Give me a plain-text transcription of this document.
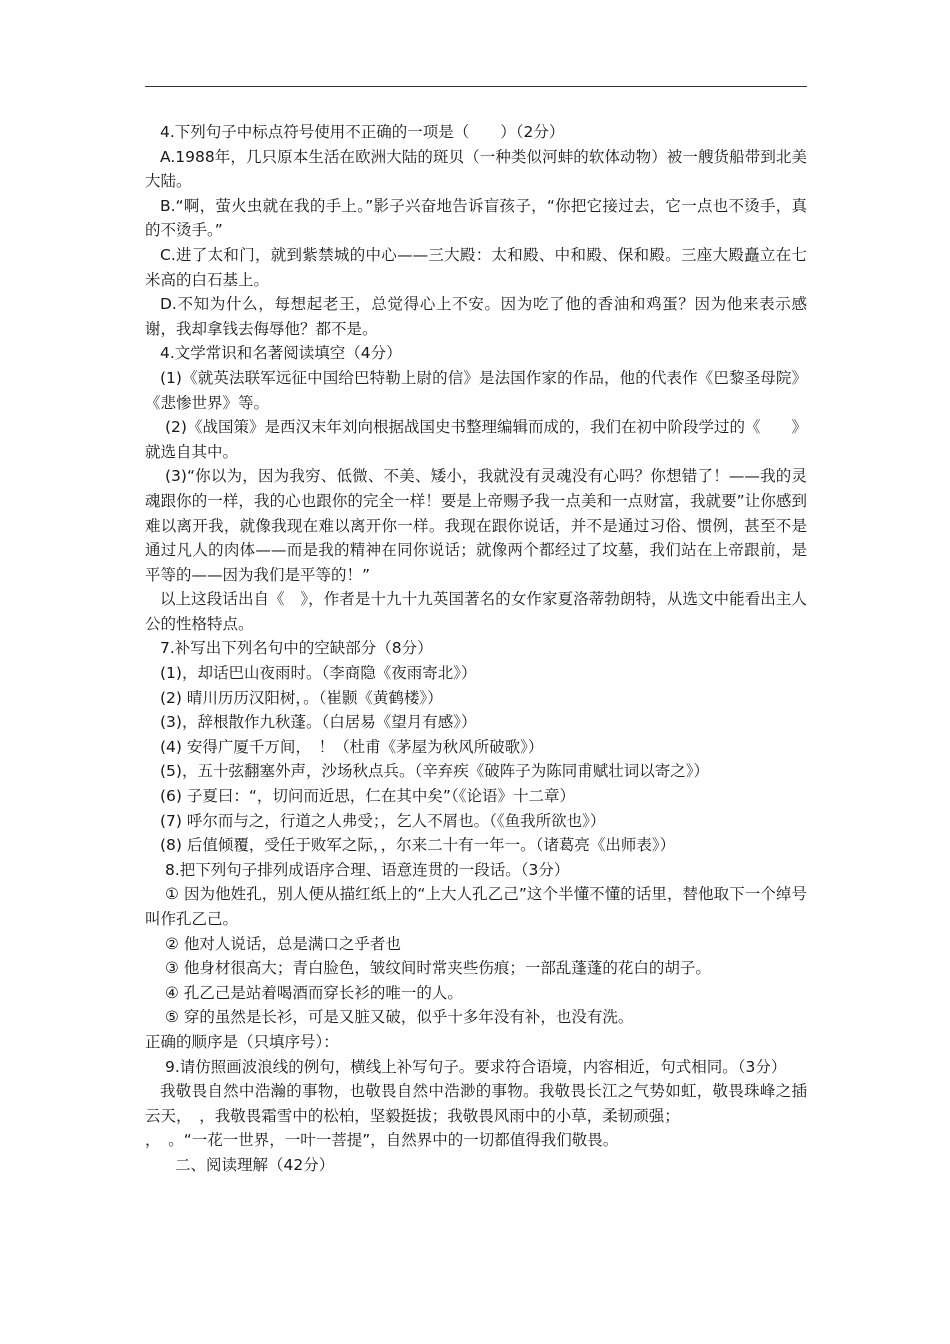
4.下列句子中标点符号使用不正确的一项是（　　）（2分）

A.1988年，几只原本生活在欧洲大陆的斑贝（一种类似河蚌的软体动物）被一艘货船带到北美大陆。

B.“啊，萤火虫就在我的手上。”影子兴奋地告诉盲孩子，“你把它接过去，它一点也不烫手，真的不烫手。”

C.进了太和门，就到紫禁城的中心——三大殿：太和殿、中和殿、保和殿。三座大殿矗立在七米高的白石基上。

D.不知为什么，每想起老王，总觉得心上不安。因为吃了他的香油和鸡蛋？因为他来表示感谢，我却拿钱去侮辱他？都不是。

4.文学常识和名著阅读填空（4分）

(1)《就英法联军远征中国给巴特勒上尉的信》是法国作家的作品，他的代表作《巴黎圣母院》《悲惨世界》等。

(2)《战国策》是西汉末年刘向根据战国史书整理编辑而成的，我们在初中阶段学过的《　　》就选自其中。

(3)“你以为，因为我穷、低微、不美、矮小，我就没有灵魂没有心吗？你想错了！——我的灵魂跟你的一样，我的心也跟你的完全一样！要是上帝赐予我一点美和一点财富，我就要”让你感到难以离开我，就像我现在难以离开你一样。我现在跟你说话，并不是通过习俗、惯例，甚至不是通过凡人的肉体——而是我的精神在同你说话；就像两个都经过了坟墓，我们站在上帝跟前，是平等的——因为我们是平等的！”

以上这段话出自《　》，作者是十九十九英国著名的女作家夏洛蒂勃朗特，从选文中能看出主人公的性格特点。

7.补写出下列名句中的空缺部分（8分）

(1)，却话巴山夜雨时。（李商隐《夜雨寄北》）

(2) 晴川历历汉阳树，。（崔颢《黄鹤楼》）

(3)，辞根散作九秋蓬。（白居易《望月有感》）

(4) 安得广厦千万间，　！（杜甫《茅屋为秋风所破歌》）

(5)，五十弦翻塞外声，沙场秋点兵。（辛弃疾《破阵子为陈同甫赋壮词以寄之》）

(6) 子夏曰：“，切问而近思，仁在其中矣”（《论语》十二章）

(7) 呼尔而与之，行道之人弗受；，乞人不屑也。（《鱼我所欲也》）

(8) 后值倾覆，受任于败军之际，，尔来二十有一年一。（诸葛亮《出师表》）

8.把下列句子排列成语序合理、语意连贯的一段话。（3分）

① 因为他姓孔，别人便从描红纸上的“上大人孔乙己”这个半懂不懂的话里，替他取下一个绰号叫作孔乙己。

② 他对人说话，总是满口之乎者也

③ 他身材很高大；青白脸色，皱纹间时常夹些伤痕；一部乱蓬蓬的花白的胡子。

④ 孔乙己是站着喝酒而穿长衫的唯一的人。

⑤ 穿的虽然是长衫，可是又脏又破，似乎十多年没有补，也没有洗。

正确的顺序是（只填序号）：

9.请仿照画波浪线的例句，横线上补写句子。要求符合语境，内容相近，句式相同。（3分）

我敬畏自然中浩瀚的事物，也敬畏自然中浩渺的事物。我敬畏长江之气势如虹，敬畏珠峰之插云天，　，我敬畏霜雪中的松柏，坚毅挺拔；我敬畏风雨中的小草，柔韧顽强；

，　。“一花一世界，一叶一菩提”，自然界中的一切都值得我们敬畏。

二、阅读理解（42分）
